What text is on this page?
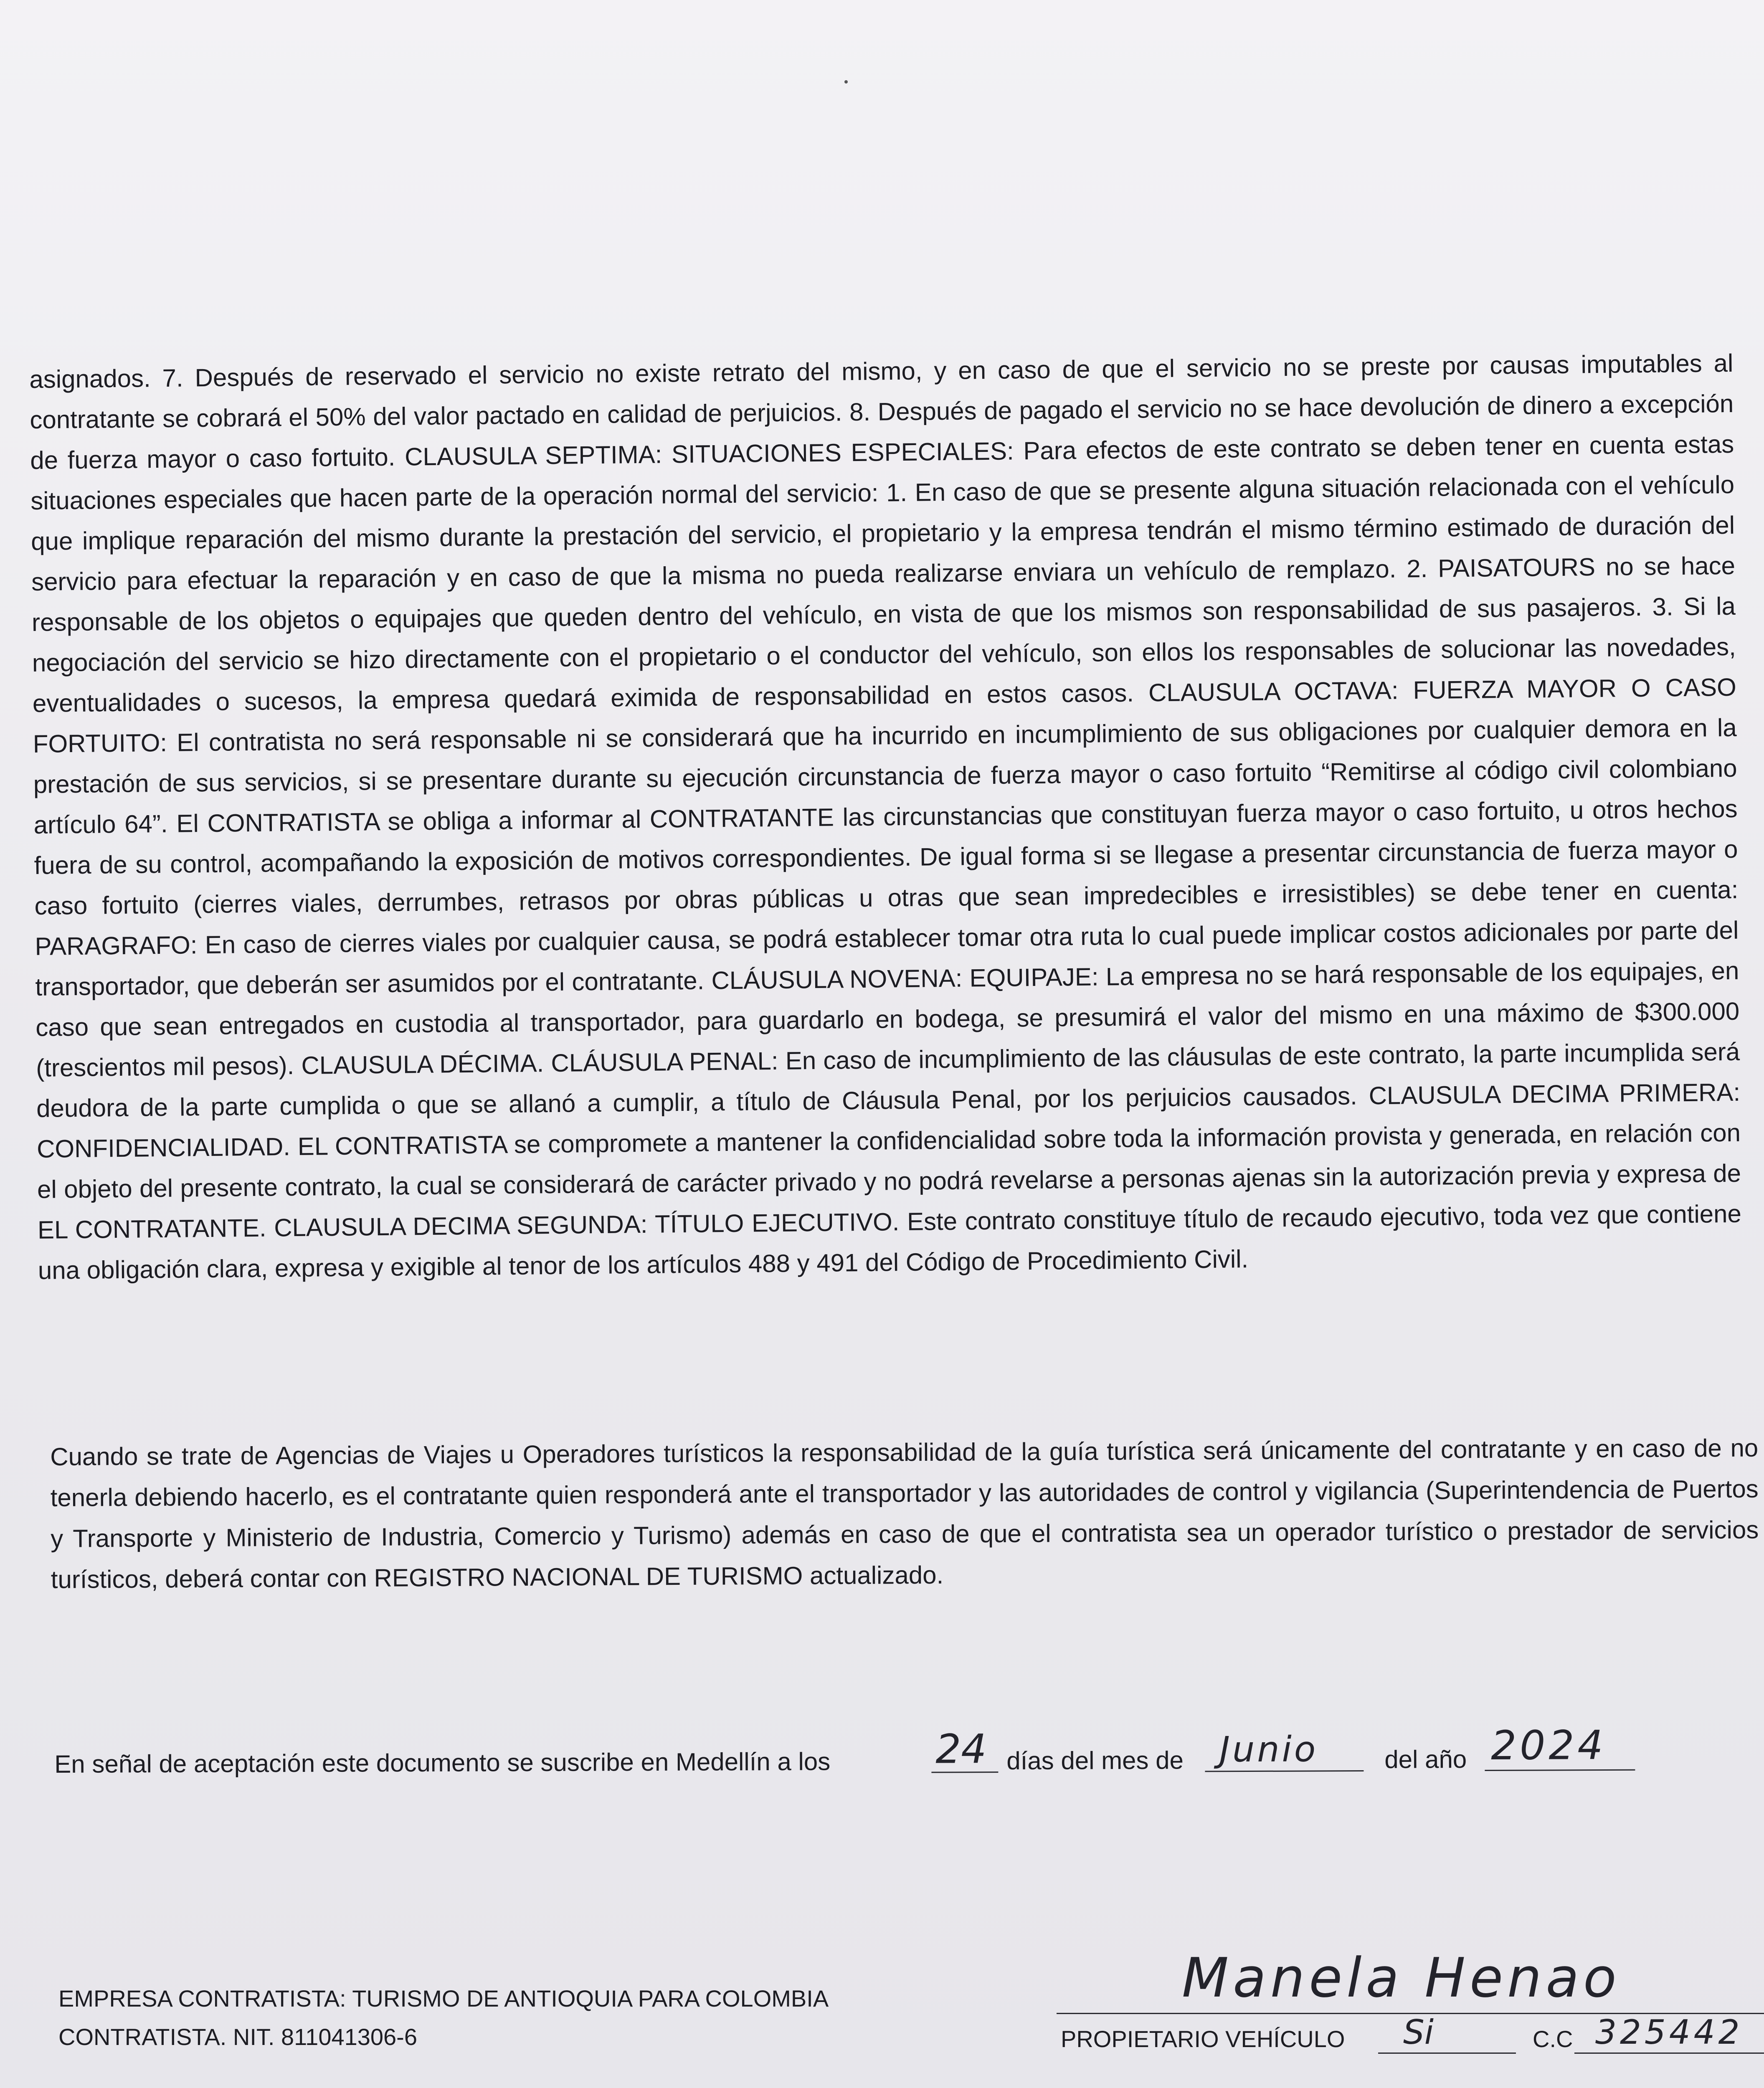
asignados. 7. Después de reservado el servicio no existe retrato del mismo, y en caso de que el servicio no se preste por causas imputables al contratante se cobrará el 50% del valor pactado en calidad de perjuicios. 8. Después de pagado el servicio no se hace devolución de dinero a excepción de fuerza mayor o caso fortuito. CLAUSULA SEPTIMA: SITUACIONES ESPECIALES: Para efectos de este contrato se deben tener en cuenta estas situaciones especiales que hacen parte de la operación normal del servicio: 1. En caso de que se presente alguna situación relacionada con el vehículo que implique reparación del mismo durante la prestación del servicio, el propietario y la empresa tendrán el mismo término estimado de duración del servicio para efectuar la reparación y en caso de que la misma no pueda realizarse enviara un vehículo de remplazo. 2. PAISATOURS no se hace responsable de los objetos o equipajes que queden dentro del vehículo, en vista de que los mismos son responsabilidad de sus pasajeros. 3. Si la negociación del servicio se hizo directamente con el propietario o el conductor del vehículo, son ellos los responsables de solucionar las novedades, eventualidades o sucesos, la empresa quedará eximida de responsabilidad en estos casos. CLAUSULA OCTAVA: FUERZA MAYOR O CASO FORTUITO: El contratista no será responsable ni se considerará que ha incurrido en incumplimiento de sus obligaciones por cualquier demora en la prestación de sus servicios, si se presentare durante su ejecución circunstancia de fuerza mayor o caso fortuito “Remitirse al código civil colombiano artículo 64”. El CONTRATISTA se obliga a informar al CONTRATANTE las circunstancias que constituyan fuerza mayor o caso fortuito, u otros hechos fuera de su control, acompañando la exposición de motivos correspondientes. De igual forma si se llegase a presentar circunstancia de fuerza mayor o caso fortuito (cierres viales, derrumbes, retrasos por obras públicas u otras que sean impredecibles e irresistibles) se debe tener en cuenta: PARAGRAFO: En caso de cierres viales por cualquier causa, se podrá establecer tomar otra ruta lo cual puede implicar costos adicionales por parte del transportador, que deberán ser asumidos por el contratante. CLÁUSULA NOVENA: EQUIPAJE: La empresa no se hará responsable de los equipajes, en caso que sean entregados en custodia al transportador, para guardarlo en bodega, se presumirá el valor del mismo en una máximo de $300.000 (trescientos mil pesos). CLAUSULA DÉCIMA. CLÁUSULA PENAL: En caso de incumplimiento de las cláusulas de este contrato, la parte incumplida será deudora de la parte cumplida o que se allanó a cumplir, a título de Cláusula Penal, por los perjuicios causados. CLAUSULA DECIMA PRIMERA: CONFIDENCIALIDAD. EL CONTRATISTA se compromete a mantener la confidencialidad sobre toda la información provista y generada, en relación con el objeto del presente contrato, la cual se considerará de carácter privado y no podrá revelarse a personas ajenas sin la autorización previa y expresa de EL CONTRATANTE. CLAUSULA DECIMA SEGUNDA: TÍTULO EJECUTIVO. Este contrato constituye título de recaudo ejecutivo, toda vez que contiene una obligación clara, expresa y exigible al tenor de los artículos 488 y 491 del Código de Procedimiento Civil.

Cuando se trate de Agencias de Viajes u Operadores turísticos la responsabilidad de la guía turística será únicamente del contratante y en caso de no tenerla debiendo hacerlo, es el contratante quien responderá ante el transportador y las autoridades de control y vigilancia (Superintendencia de Puertos y Transporte y Ministerio de Industria, Comercio y Turismo) además en caso de que el contratista sea un operador turístico o prestador de servicios turísticos, deberá contar con REGISTRO NACIONAL DE TURISMO actualizado.

En señal de aceptación este documento se suscribe en Medellín a los	24 días del mes de Junio	del año 2024
EMPRESA CONTRATISTA: TURISMO DE ANTIOQUIA PARA COLOMBIA
CONTRATISTA. NIT. 811041306-6
Manela Henao
PROPIETARIO VEHÍCULO Si	C.C 325442
